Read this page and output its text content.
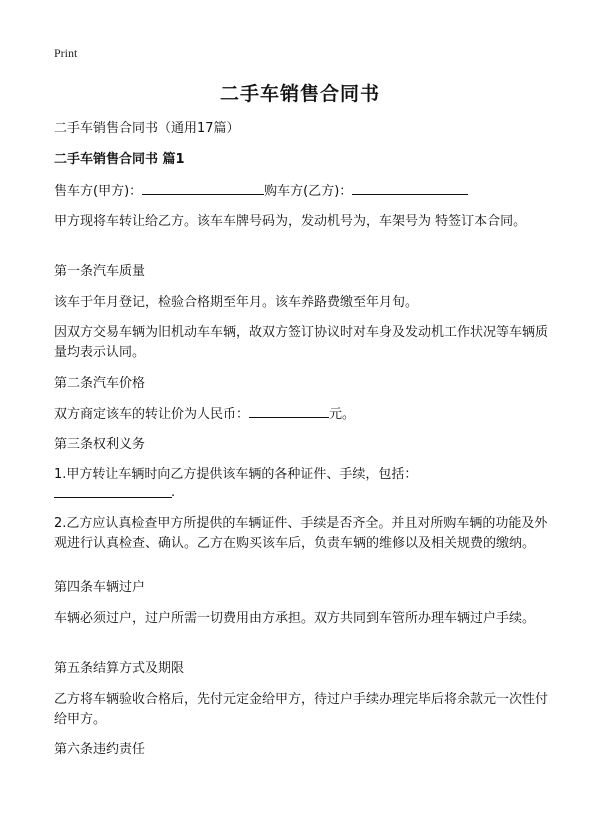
Print
二手车销售合同书
二手车销售合同书（通用17篇）
二手车销售合同书 篇1
售车方(甲方)：	购车方(乙方)：
甲方现将车转让给乙方。该车车牌号码为，发动机号为，车架号为 特签订本合同。
第一条汽车质量
该车于年月登记，检验合格期至年月。该车养路费缴至年月旬。
因双方交易车辆为旧机动车车辆，故双方签订协议时对车身及发动机工作状况等车辆质量均表示认同。
第二条汽车价格
双方商定该车的转让价为人民币：	元。
第三条权利义务
1.甲方转让车辆时向乙方提供该车辆的各种证件、手续，包括：
.
2.乙方应认真检查甲方所提供的车辆证件、手续是否齐全。并且对所购车辆的功能及外观进行认真检查、确认。乙方在购买该车后，负责车辆的维修以及相关规费的缴纳。
第四条车辆过户
车辆必须过户，过户所需一切费用由方承担。双方共同到车管所办理车辆过户手续。
第五条结算方式及期限
乙方将车辆验收合格后，先付元定金给甲方，待过户手续办理完毕后将余款元一次性付给甲方。
第六条违约责任
